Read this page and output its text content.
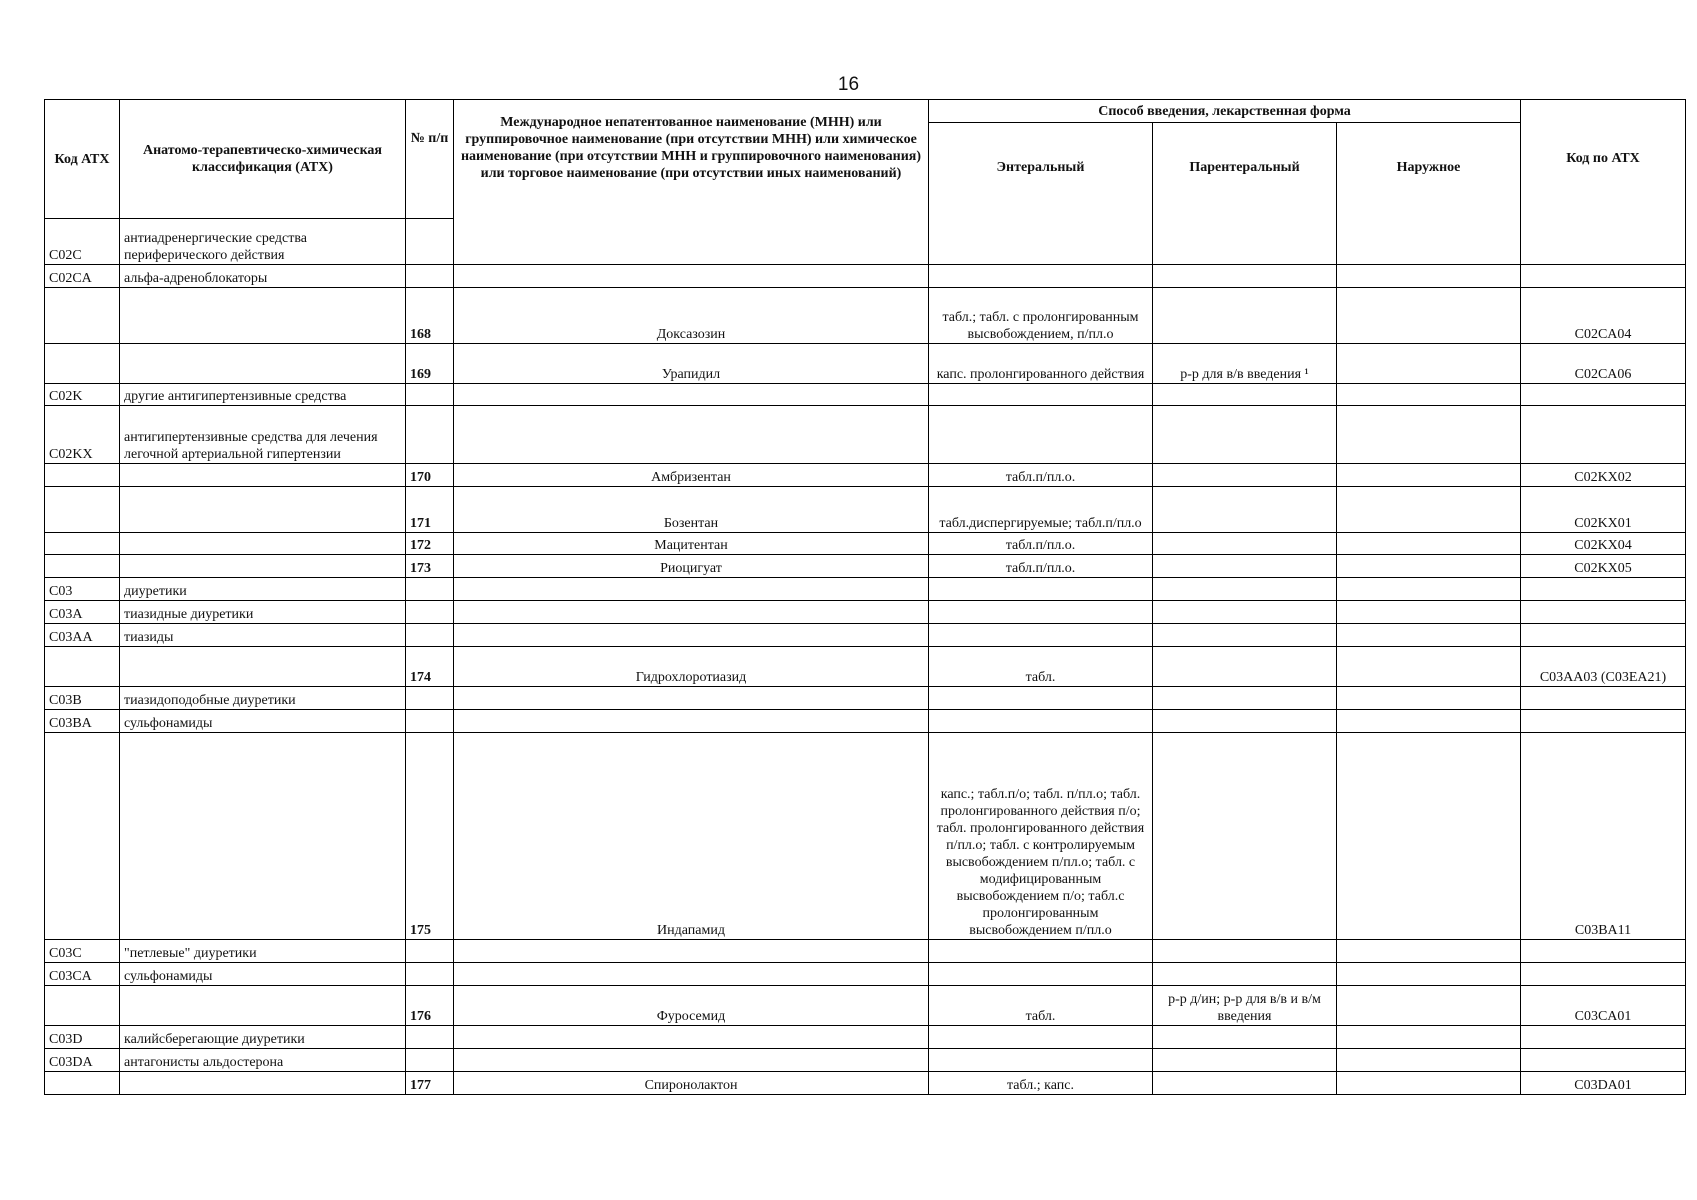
16
Код АТХ	Анатомо-терапевтическо-химическая классификация (АТХ)	№ п/п	Международное непатентованное наименование (МНН) или группировочное наименование (при отсутствии МНН) или химическое наименование (при отсутствии МНН и группировочного наименования) или торговое наименование (при отсутствии иных наименований)	Способ введения, лекарственная форма			Код по АТХ
				Энтеральный	Парентеральный	Наружное	
C02C	антиадренергические средства периферического действия						
C02CA	альфа-адреноблокаторы						
		168	Доксазозин	табл.; табл. с пролонгированным высвобождением, п/пл.о			C02CA04
		169	Урапидил	капс. пролонгированного действия	р-р для в/в введения ¹		C02CA06
C02K	другие антигипертензивные средства						
C02KX	антигипертензивные средства для лечения легочной артериальной гипертензии						
		170	Амбризентан	табл.п/пл.о.			C02KX02
		171	Бозентан	табл.диспергируемые; табл.п/пл.о			C02KX01
		172	Мацитентан	табл.п/пл.о.			C02KX04
		173	Риоцигуат	табл.п/пл.о.			C02KX05
C03	диуретики						
C03A	тиазидные диуретики						
C03AA	тиазиды						
		174	Гидрохлоротиазид	табл.			C03AA03 (C03EA21)
C03B	тиазидоподобные диуретики						
C03BA	сульфонамиды						
		175	Индапамид	капс.; табл.п/о; табл. п/пл.о; табл. пролонгированного действия п/о; табл. пролонгированного действия п/пл.о; табл. с контролируемым высвобождением п/пл.о; табл. с модифицированным высвобождением п/о; табл.с пролонгированным высвобождением п/пл.о			C03BA11
C03C	"петлевые" диуретики						
C03CA	сульфонамиды						
		176	Фуросемид	табл.	р-р д/ин; р-р для в/в и в/м введения		C03CA01
C03D	калийсберегающие диуретики						
C03DA	антагонисты альдостерона						
		177	Спиронолактон	табл.; капс.			C03DA01
